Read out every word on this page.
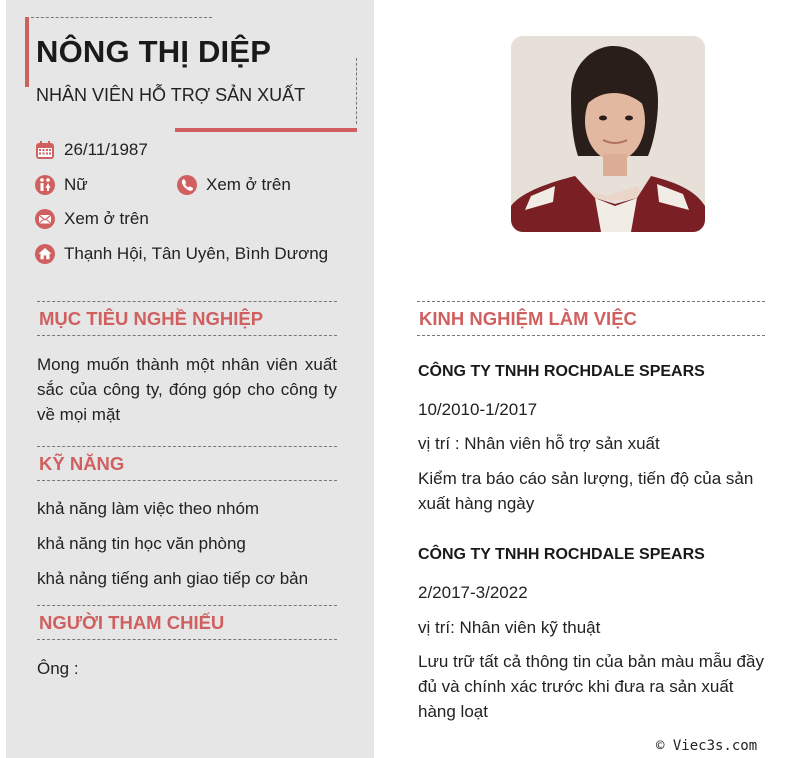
NÔNG THỊ DIỆP
NHÂN VIÊN HỖ TRỢ SẢN XUẤT
26/11/1987
Nữ	Xem ở trên
Xem ở trên
Thạnh Hội, Tân Uyên, Bình Dương
MỤC TIÊU NGHỀ NGHIỆP
Mong muốn thành một nhân viên xuất sắc của công ty, đóng góp cho công ty về mọi mặt
KỸ NĂNG
khả năng làm việc theo nhóm
khả năng tin học văn phòng
khả nảng tiếng anh giao tiếp cơ bản
NGƯỜI THAM CHIẾU
Ông :
KINH NGHIỆM LÀM VIỆC
CÔNG TY TNHH ROCHDALE SPEARS
10/2010-1/2017
vị trí : Nhân viên hỗ trợ sản xuất
Kiểm tra báo cáo sản lượng, tiến độ của sản xuất hàng ngày
CÔNG TY TNHH ROCHDALE SPEARS
2/2017-3/2022
vị trí: Nhân viên kỹ thuật
Lưu trữ tất cả thông tin của bản màu mẫu đầy đủ và chính xác trước khi đưa ra sản xuất hàng loạt
© Viec3s.com
